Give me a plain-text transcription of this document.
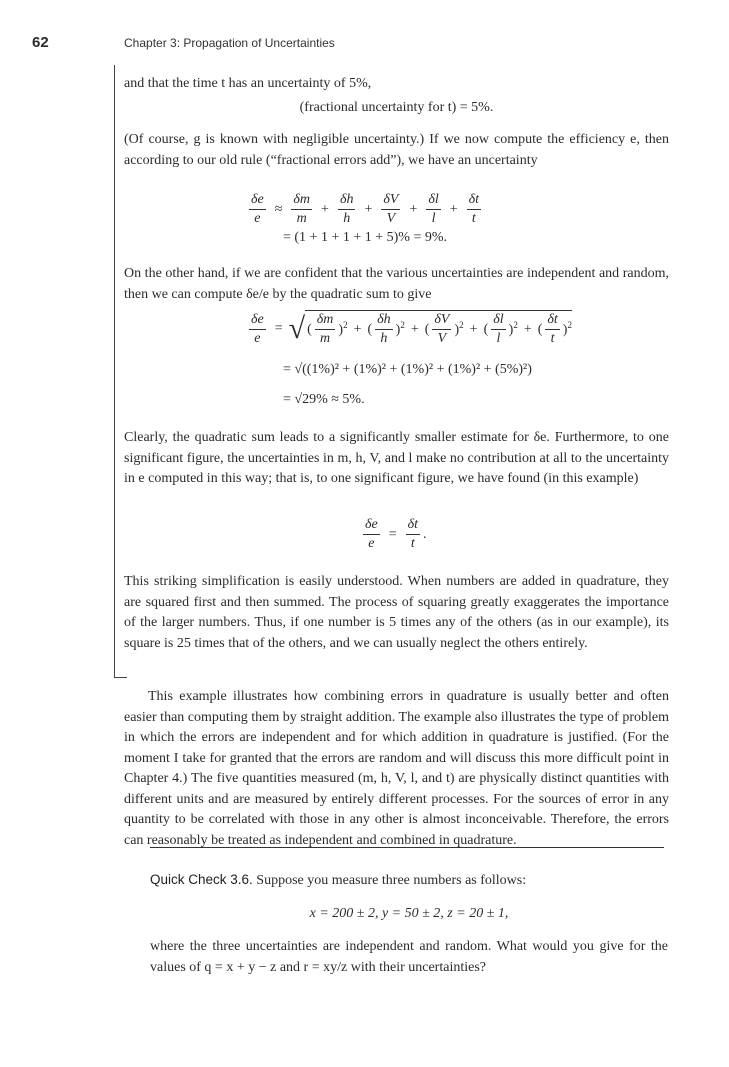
62	Chapter 3: Propagation of Uncertainties
and that the time t has an uncertainty of 5%,
(fractional uncertainty for t) = 5%.
(Of course, g is known with negligible uncertainty.) If we now compute the efficiency e, then according to our old rule (“fractional errors add”), we have an uncertainty
$\frac{\delta e}{e} \approx \frac{\delta m}{m} + \frac{\delta h}{h} + \frac{\delta V}{V} + \frac{\delta l}{l} + \frac{\delta t}{t}$
= (1 + 1 + 1 + 1 + 5)% = 9%.
On the other hand, if we are confident that the various uncertainties are independent and random, then we can compute δe/e by the quadratic sum to give
$\frac{\delta e}{e}$ = √ ( $\frac{\delta m}{m} )^2$ + ( $\frac{\delta h}{h} )^2$ + ( $\frac{\delta V}{V} )^2$ + ( $\frac{\delta l}{l} )^2$ + ( $\frac{\delta t}{t} )^2$
= √((1%)² + (1%)² + (1%)² + (1%)² + (5%)²)
= √29% ≈ 5%.
Clearly, the quadratic sum leads to a significantly smaller estimate for δe. Furthermore, to one significant figure, the uncertainties in m, h, V, and l make no contribution at all to the uncertainty in e computed in this way; that is, to one significant figure, we have found (in this example)
$\frac{\delta e}{e} = \frac{\delta t}{t}$ .
This striking simplification is easily understood. When numbers are added in quadrature, they are squared first and then summed. The process of squaring greatly exaggerates the importance of the larger numbers. Thus, if one number is 5 times any of the others (as in our example), its square is 25 times that of the others, and we can usually neglect the others entirely.
This example illustrates how combining errors in quadrature is usually better and often easier than computing them by straight addition. The example also illustrates the type of problem in which the errors are independent and for which addition in quadrature is justified. (For the moment I take for granted that the errors are random and will discuss this more difficult point in Chapter 4.) The five quantities measured (m, h, V, l, and t) are physically distinct quantities with different units and are measured by entirely different processes. For the sources of error in any quantity to be correlated with those in any other is almost inconceivable. Therefore, the errors can reasonably be treated as independent and combined in quadrature.
Quick Check 3.6. Suppose you measure three numbers as follows:
x = 200 ± 2, y = 50 ± 2, z = 20 ± 1,
where the three uncertainties are independent and random. What would you give for the values of q = x + y − z and r = xy/z with their uncertainties?
